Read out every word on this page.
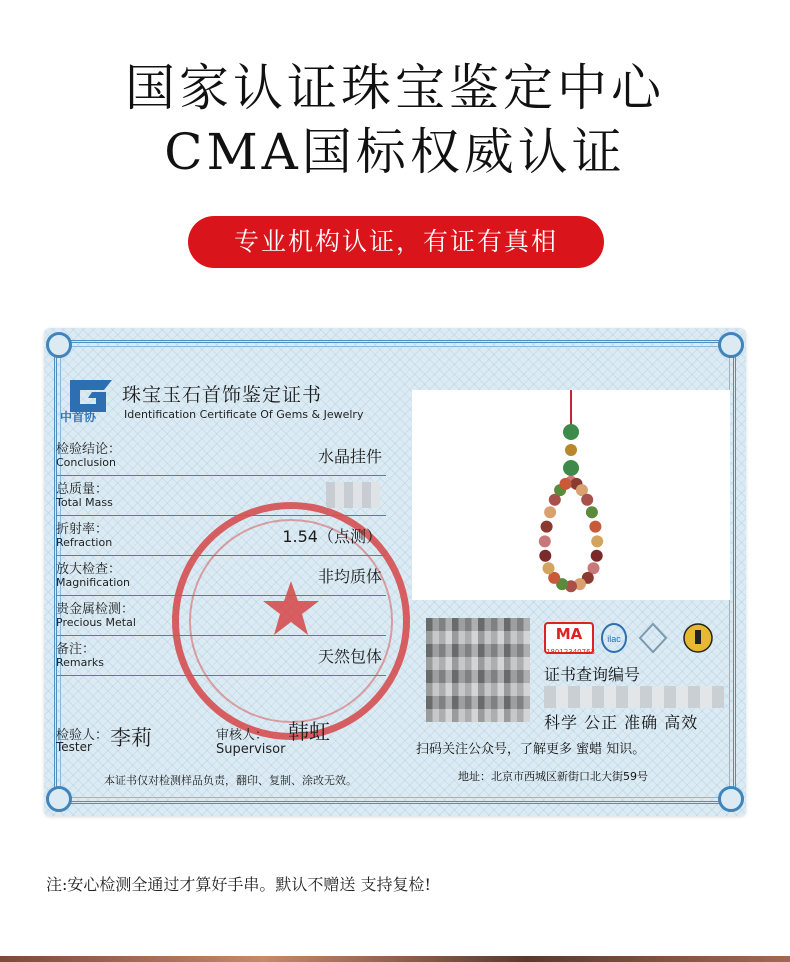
国家认证珠宝鉴定中心
CMA国标权威认证
专业机构认证，有证有真相
中首协
珠宝玉石首饰鉴定证书
Identification Certificate Of Gems & Jewelry
检验结论：
Conclusion	水晶挂件
总质量：
Total Mass
折射率：
Refraction	1.54（点测）
放大检查：
Magnification	非均质体
贵金属检测：
Precious Metal
备注：
Remarks	天然包体
检验人：
Tester 李莉	审核人：
Supervisor
韩虹
本证书仅对检测样品负责，翻印、复制、涂改无效。
MA
18012340763
ilac
证书查询编号
科学 公正 准确 高效
扫码关注公众号，了解更多 蜜蜡 知识。
地址：北京市西城区新街口北大街59号
注:安心检测全通过才算好手串。默认不赠送 支持复检!
